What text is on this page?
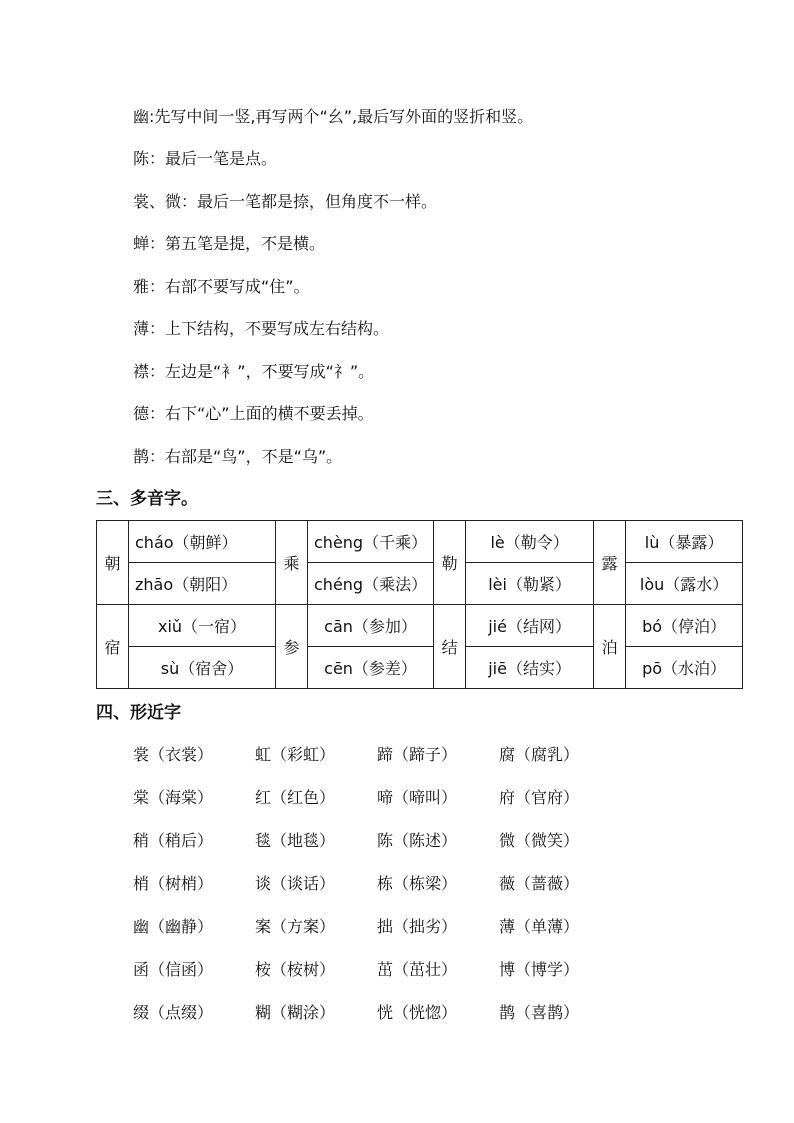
幽:先写中间一竖,再写两个“幺”,最后写外面的竖折和竖。
陈：最后一笔是点。
裳、微：最后一笔都是捺，但角度不一样。
蝉：第五笔是提，不是横。
雅：右部不要写成“住”。
薄：上下结构，不要写成左右结构。
襟：左边是“衤”，不要写成“礻”。
德：右下“心”上面的横不要丢掉。
鹊：右部是“鸟”，不是“乌”。
三、多音字。
朝	cháo（朝鲜）	乘	chèng（千乘）	勒	lè（勒令）	露	lù（暴露）
	zhāo（朝阳）		chéng（乘法）		lèi（勒紧）		lòu（露水）
宿	xiǔ（一宿）	参	cān（参加）	结	jié（结网）	泊	bó（停泊）
	sù（宿舍）		cēn（参差）		jiē（结实）		pō（水泊）
四、形近字
裳（衣裳）	虹（彩虹）	蹄（蹄子）	腐（腐乳）
棠（海棠）	红（红色）	啼（啼叫）	府（官府）
稍（稍后）	毯（地毯）	陈（陈述）	微（微笑）
梢（树梢）	谈（谈话）	栋（栋梁）	薇（蔷薇）
幽（幽静）	案（方案）	拙（拙劣）	薄（单薄）
函（信函）	桉（桉树）	茁（茁壮）	博（博学）
缀（点缀）	糊（糊涂）	恍（恍惚）	鹊（喜鹊）
